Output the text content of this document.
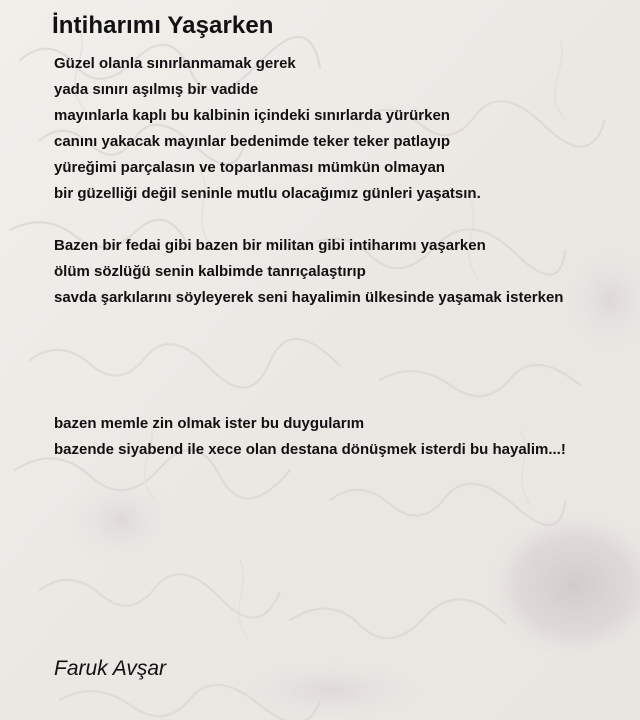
İntiharımı Yaşarken
Güzel olanla sınırlanmamak gerek
yada sınırı aşılmış bir vadide
mayınlarla kaplı bu kalbinin içindeki sınırlarda yürürken
canını yakacak mayınlar bedenimde teker teker patlayıp
yüreğimi parçalasın ve toparlanması mümkün olmayan
bir güzelliği değil seninle mutlu olacağımız günleri yaşatsın.
Bazen bir fedai gibi bazen bir militan gibi intiharımı yaşarken
ölüm sözlüğü senin kalbimde tanrıçalaştırıp
savda şarkılarını söyleyerek seni hayalimin ülkesinde yaşamak isterken
bazen memle zin olmak ister bu duygularım
bazende siyabend ile xece olan destana dönüşmek isterdi bu hayalim...!

Faruk Avşar
